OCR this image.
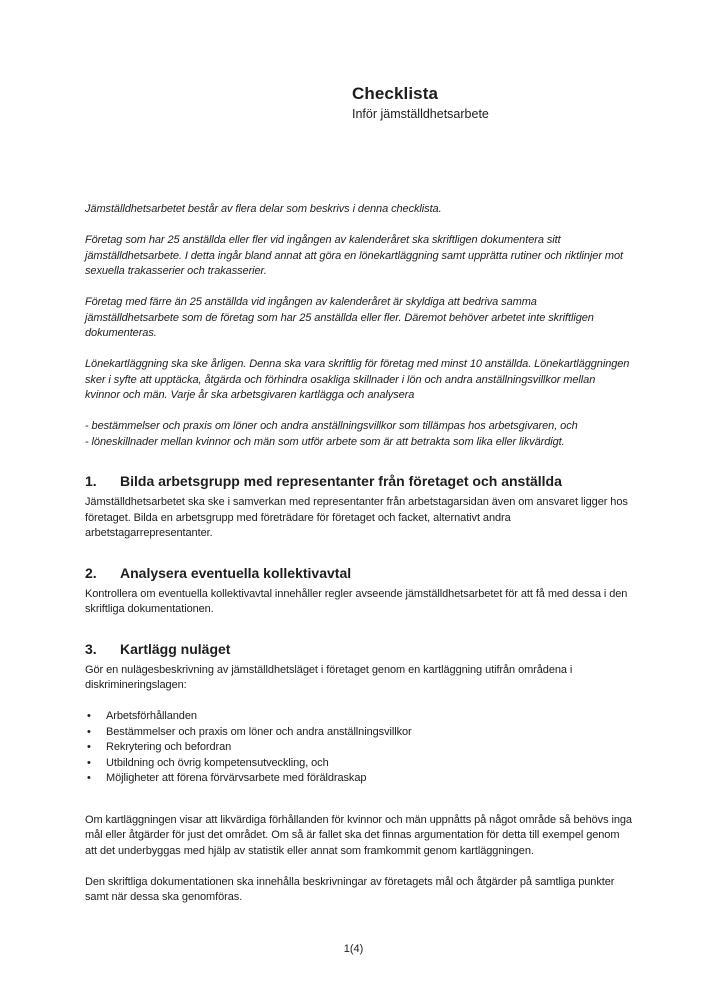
Checklista
Inför jämställdhetsarbete

Jämställdhetsarbetet består av flera delar som beskrivs i denna checklista.

Företag som har 25 anställda eller fler vid ingången av kalenderåret ska skriftligen dokumentera sitt jämställdhetsarbete. I detta ingår bland annat att göra en lönekartläggning samt upprätta rutiner och riktlinjer mot sexuella trakasserier och trakasserier.

Företag med färre än 25 anställda vid ingången av kalenderåret är skyldiga att bedriva samma jämställdhetsarbete som de företag som har 25 anställda eller fler. Däremot behöver arbetet inte skriftligen dokumenteras.

Lönekartläggning ska ske årligen. Denna ska vara skriftlig för företag med minst 10 anställda. Lönekartläggningen sker i syfte att upptäcka, åtgärda och förhindra osakliga skillnader i lön och andra anställningsvillkor mellan kvinnor och män. Varje år ska arbetsgivaren kartlägga och analysera

- bestämmelser och praxis om löner och andra anställningsvillkor som tillämpas hos arbetsgivaren, och

- löneskillnader mellan kvinnor och män som utför arbete som är att betrakta som lika eller likvärdigt.

1. Bilda arbetsgrupp med representanter från företaget och anställda

Jämställdhetsarbetet ska ske i samverkan med representanter från arbetstagarsidan även om ansvaret ligger hos företaget. Bilda en arbetsgrupp med företrädare för företaget och facket, alternativt andra arbetstagarrepresentanter.

2. Analysera eventuella kollektivavtal

Kontrollera om eventuella kollektivavtal innehåller regler avseende jämställdhetsarbetet för att få med dessa i den skriftliga dokumentationen.

3. Kartlägg nuläget

Gör en nulägesbeskrivning av jämställdhetsläget i företaget genom en kartläggning utifrån områdena i diskrimineringslagen:

• Arbetsförhållanden
• Bestämmelser och praxis om löner och andra anställningsvillkor
• Rekrytering och befordran
• Utbildning och övrig kompetensutveckling, och
• Möjligheter att förena förvärvsarbete med föräldraskap

Om kartläggningen visar att likvärdiga förhållanden för kvinnor och män uppnåtts på något område så behövs inga mål eller åtgärder för just det området. Om så är fallet ska det finnas argumentation för detta till exempel genom att det underbyggas med hjälp av statistik eller annat som framkommit genom kartläggningen.

Den skriftliga dokumentationen ska innehålla beskrivningar av företagets mål och åtgärder på samtliga punkter samt när dessa ska genomföras.

1(4)
